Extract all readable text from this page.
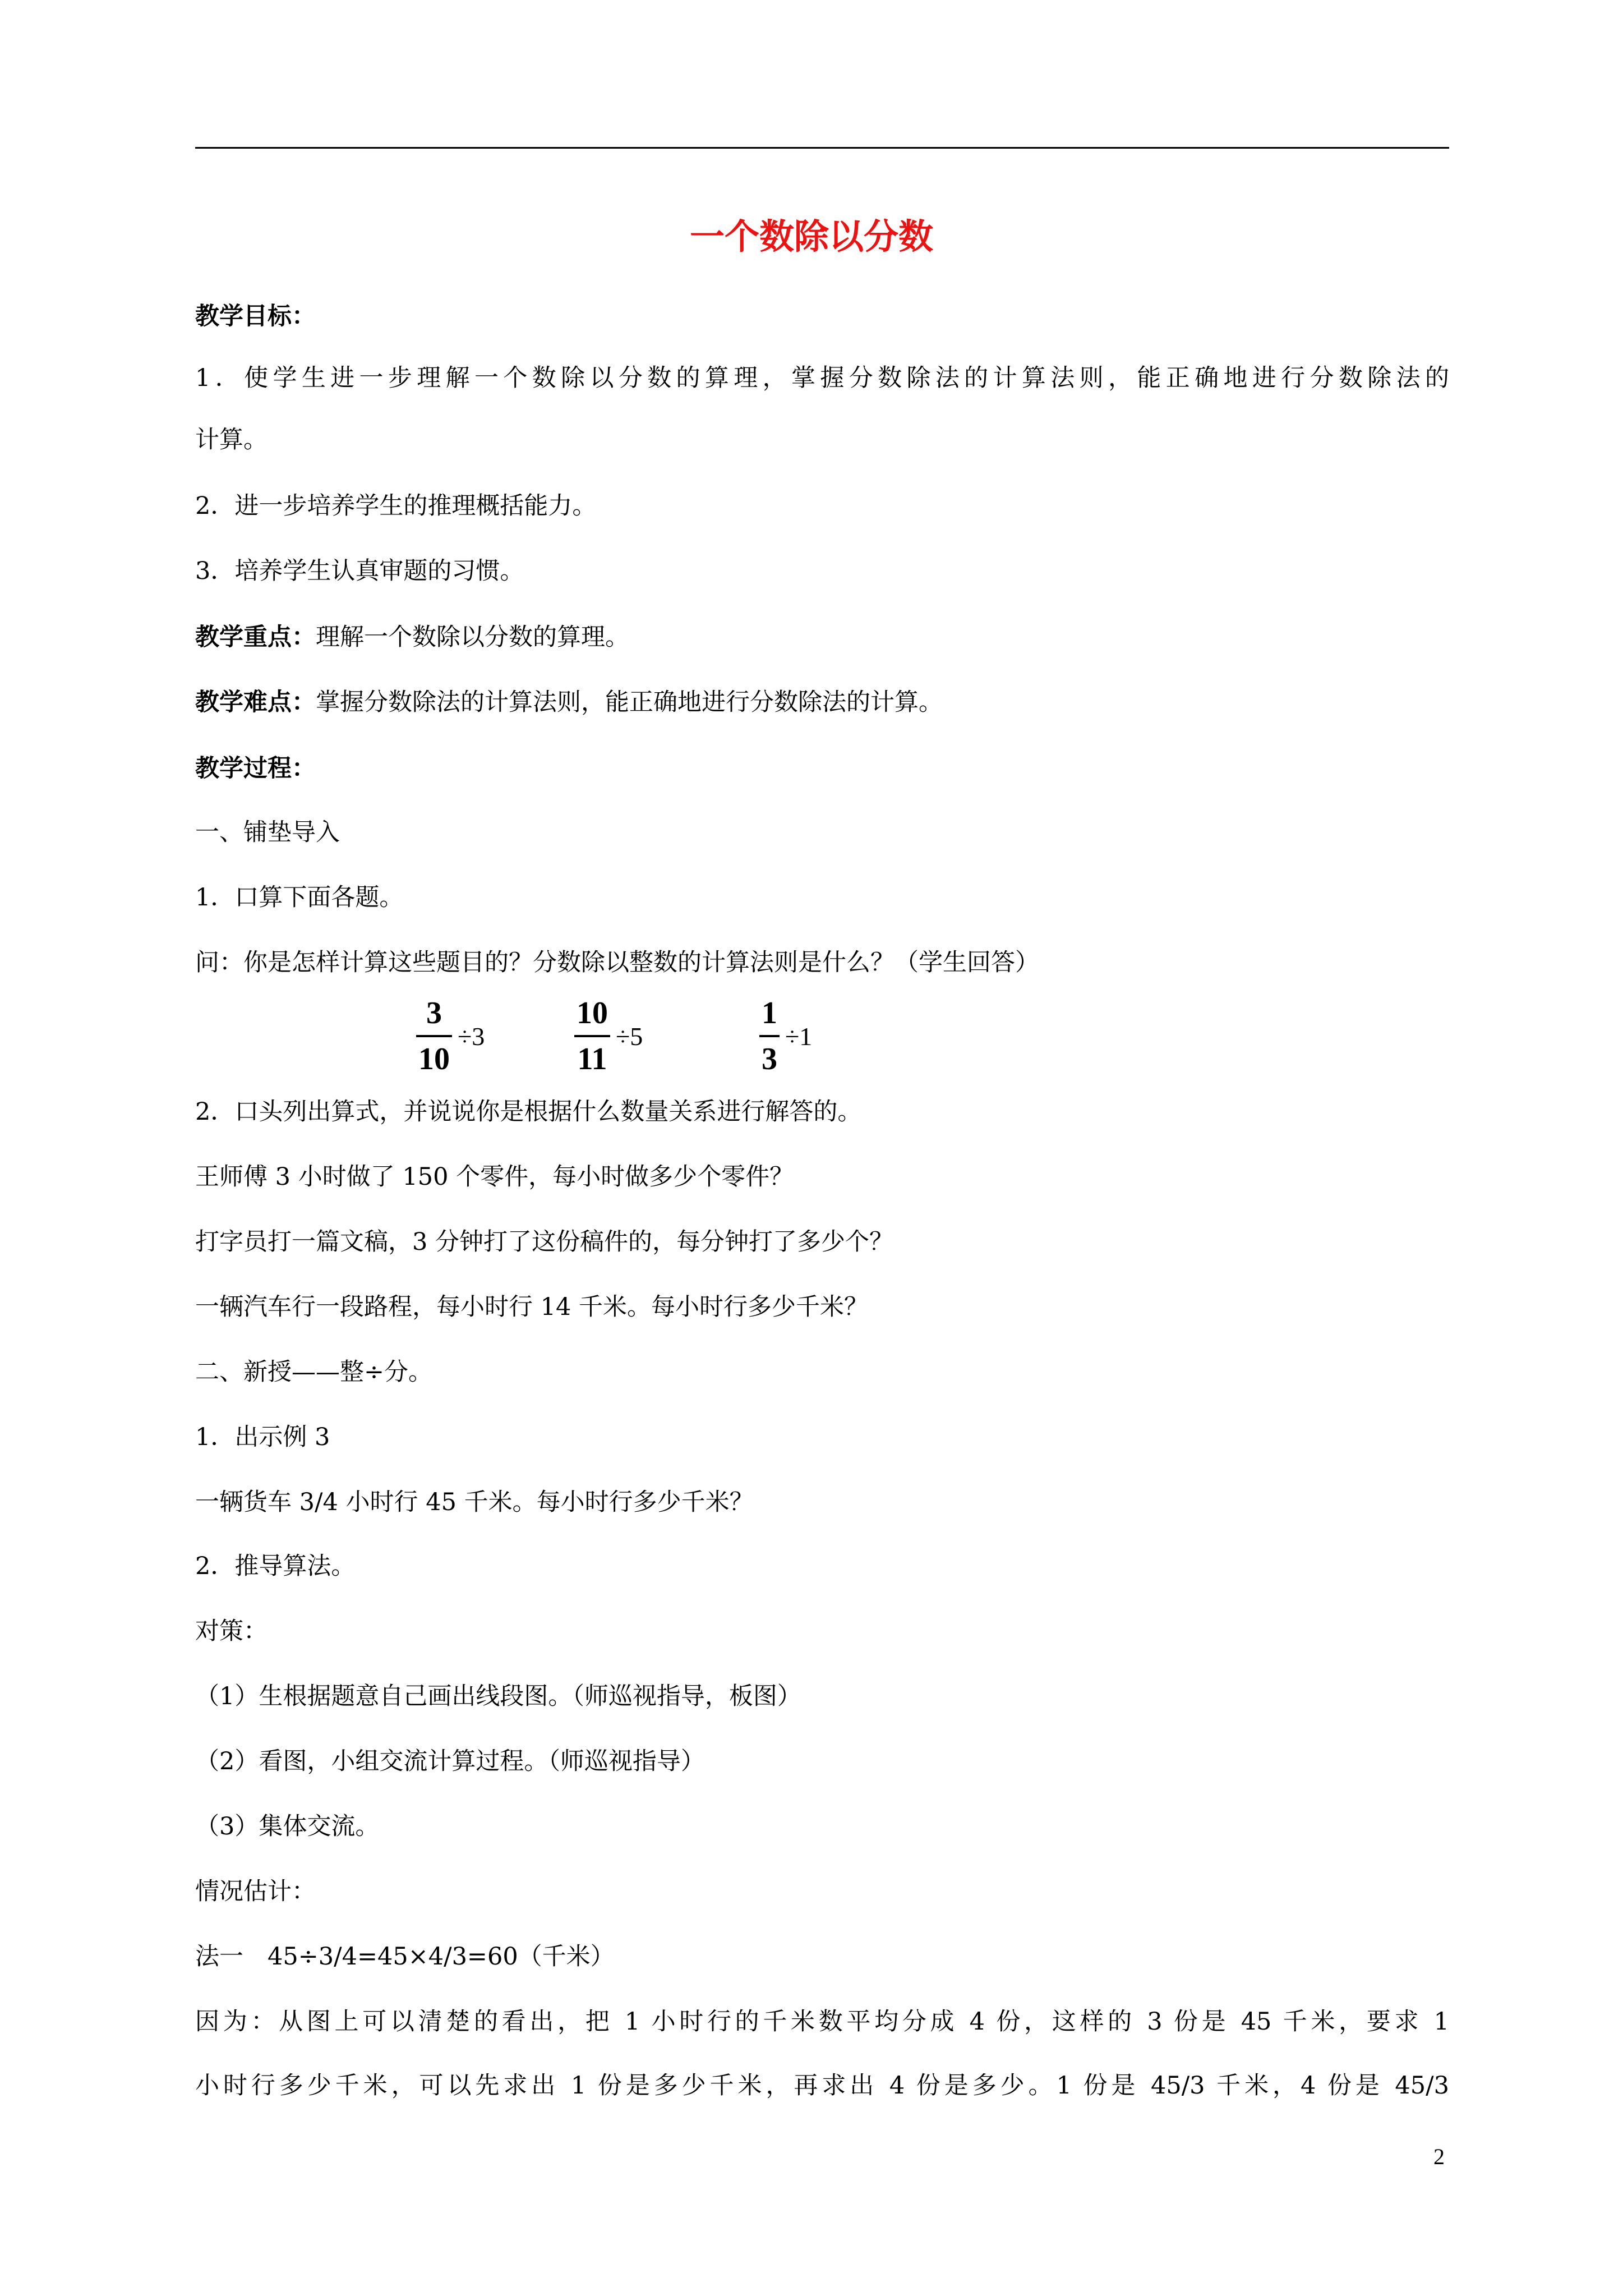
一个数除以分数
教学目标：
1．使学生进一步理解一个数除以分数的算理，掌握分数除法的计算法则，能正确地进行分数除法的
计算。
2．进一步培养学生的推理概括能力。
3．培养学生认真审题的习惯。
教学重点：理解一个数除以分数的算理。
教学难点：掌握分数除法的计算法则，能正确地进行分数除法的计算。
教学过程：
一、铺垫导入
1．口算下面各题。
问：你是怎样计算这些题目的？分数除以整数的计算法则是什么？（学生回答）
$\frac{3}{10} \div 3$	$\frac{10}{11} \div 5$	$\frac{1}{3} \div 1$
2．口头列出算式，并说说你是根据什么数量关系进行解答的。
王师傅 3 小时做了 150 个零件，每小时做多少个零件？
打字员打一篇文稿，3 分钟打了这份稿件的，每分钟打了多少个？
一辆汽车行一段路程，每小时行 14 千米。每小时行多少千米？
二、新授——整÷分。
1．出示例 3
一辆货车 3/4 小时行 45 千米。每小时行多少千米？
2．推导算法。
对策：
（1）生根据题意自己画出线段图。（师巡视指导，板图）
（2）看图，小组交流计算过程。（师巡视指导）
（3）集体交流。
情况估计：
法一　45÷3/4=45×4/3=60（千米）
因为：从图上可以清楚的看出，把 1 小时行的千米数平均分成 4 份，这样的 3 份是 45 千米，要求 1
小时行多少千米，可以先求出 1 份是多少千米，再求出 4 份是多少。1 份是 45/3 千米，4 份是 45/3
2
